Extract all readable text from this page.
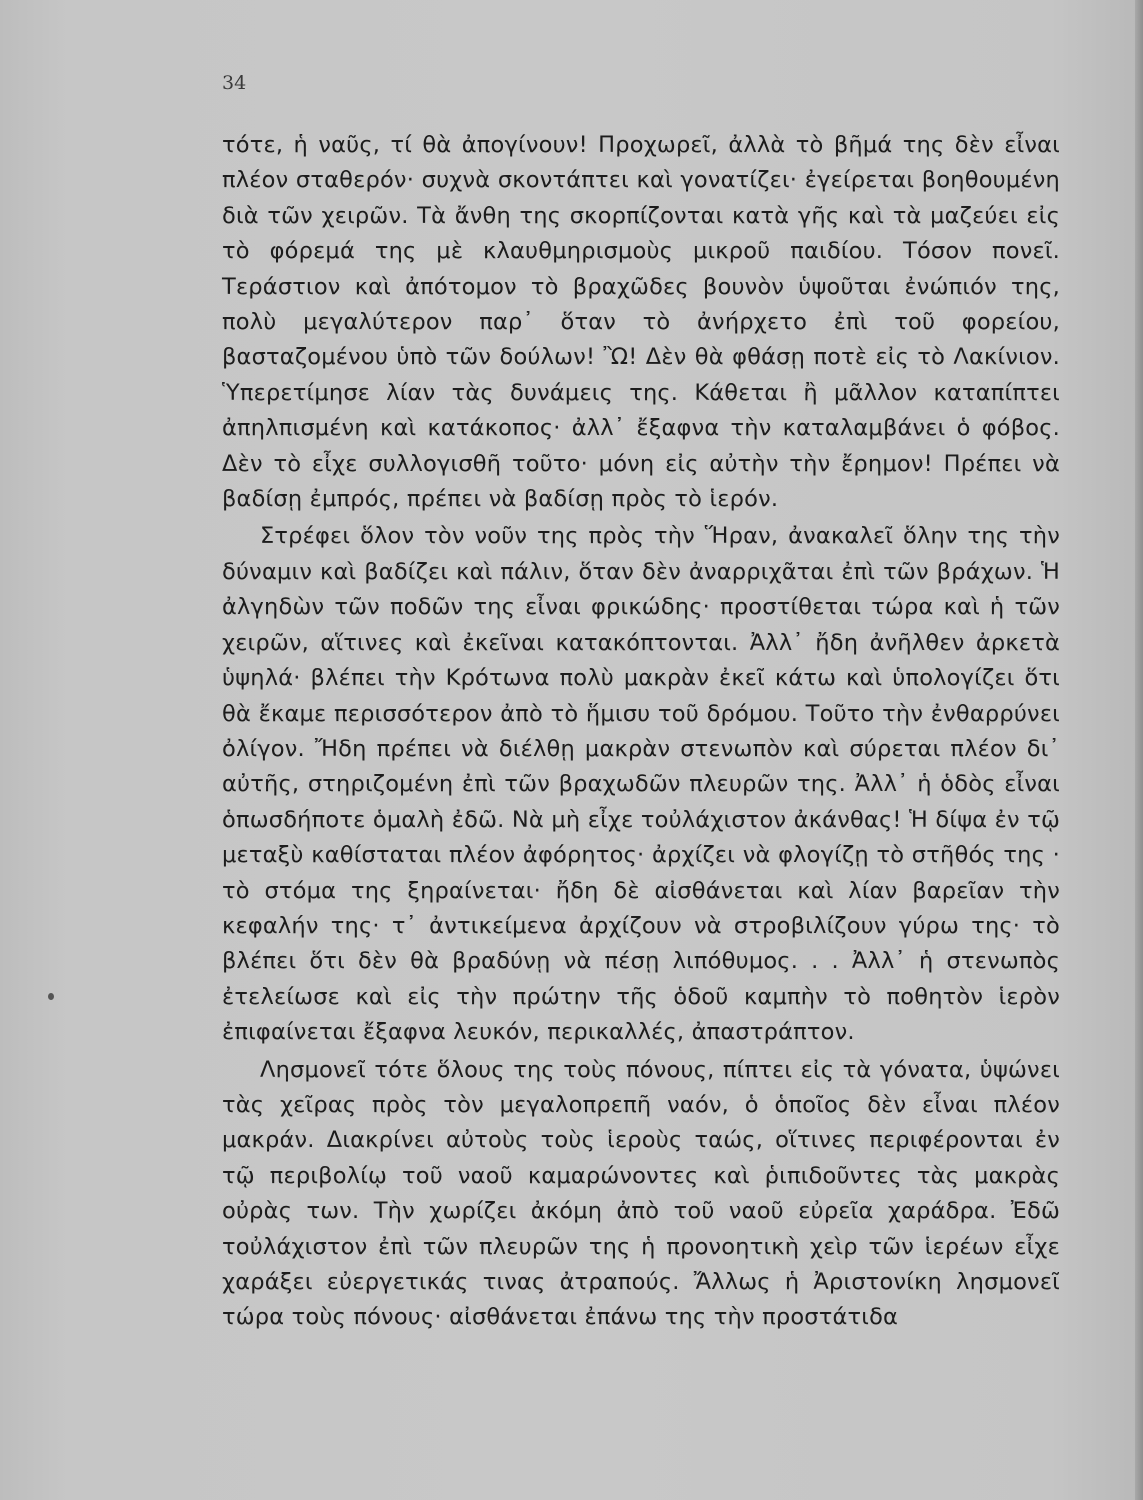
34

τότε, ἡ ναῦς, τί θὰ ἀπογίνουν! Προχωρεῖ, ἀλλὰ τὸ βῆμά της δὲν εἶναι πλέον σταθερόν· συχνὰ σκοντάπτει καὶ γονατίζει· ἐγείρεται βοηθουμένη διὰ τῶν χειρῶν. Τὰ ἄνθη της σκορπίζονται κατὰ γῆς καὶ τὰ μαζεύει εἰς τὸ φόρεμά της μὲ κλαυθμηρισμοὺς μικροῦ παιδίου. Τόσον πονεῖ. Τεράστιον καὶ ἀπότομον τὸ βραχῶδες βουνὸν ὑψοῦται ἐνώπιόν της, πολὺ μεγαλύτερον παρ᾽ ὅταν τὸ ἀνήρχετο ἐπὶ τοῦ φορείου, βασταζομένου ὑπὸ τῶν δούλων! Ὢ! Δὲν θὰ φθάσῃ ποτὲ εἰς τὸ Λακίνιον. Ὑπερετίμησε λίαν τὰς δυνάμεις της. Κάθεται ἢ μᾶλλον καταπίπτει ἀπηλπισμένη καὶ κατάκοπος· ἀλλ᾽ ἔξαφνα τὴν καταλαμβάνει ὁ φόβος. Δὲν τὸ εἶχε συλλογισθῆ τοῦτο· μόνη εἰς αὐτὴν τὴν ἔρημον! Πρέπει νὰ βαδίσῃ ἐμπρός, πρέπει νὰ βαδίσῃ πρὸς τὸ ἱερόν.

Στρέφει ὅλον τὸν νοῦν της πρὸς τὴν Ἥραν, ἀνακαλεῖ ὅλην της τὴν δύναμιν καὶ βαδίζει καὶ πάλιν, ὅταν δὲν ἀναρριχᾶται ἐπὶ τῶν βράχων. Ἡ ἀλγηδὼν τῶν ποδῶν της εἶναι φρικώδης· προστίθεται τώρα καὶ ἡ τῶν χειρῶν, αἵτινες καὶ ἐκεῖναι κατακόπτονται. Ἀλλ᾽ ἤδη ἀνῆλθεν ἀρκετὰ ὑψηλά· βλέπει τὴν Κρότωνα πολὺ μακρὰν ἐκεῖ κάτω καὶ ὑπολογίζει ὅτι θὰ ἔκαμε περισσότερον ἀπὸ τὸ ἥμισυ τοῦ δρόμου. Τοῦτο τὴν ἐνθαρρύνει ὀλίγον. Ἤδη πρέπει νὰ διέλθῃ μακρὰν στενωπὸν καὶ σύρεται πλέον δι᾽ αὐτῆς, στηριζομένη ἐπὶ τῶν βραχωδῶν πλευρῶν της. Ἀλλ᾽ ἡ ὁδὸς εἶναι ὁπωσδήποτε ὁμαλὴ ἐδῶ. Νὰ μὴ εἶχε τοὐλάχιστον ἀκάνθας! Ἡ δίψα ἐν τῷ μεταξὺ καθίσταται πλέον ἀφόρητος· ἀρχίζει νὰ φλογίζῃ τὸ στῆθός της · τὸ στόμα της ξηραίνεται· ἤδη δὲ αἰσθάνεται καὶ λίαν βαρεῖαν τὴν κεφαλήν της· τ᾽ ἀντικείμενα ἀρχίζουν νὰ στροβιλίζουν γύρω της· τὸ βλέπει ὅτι δὲν θὰ βραδύνῃ νὰ πέσῃ λιπόθυμος. . . Ἀλλ᾽ ἡ στενωπὸς ἐτελείωσε καὶ εἰς τὴν πρώτην τῆς ὁδοῦ καμπὴν τὸ ποθητὸν ἱερὸν ἐπιφαίνεται ἔξαφνα λευκόν, περικαλλές, ἀπαστράπτον.

Λησμονεῖ τότε ὅλους της τοὺς πόνους, πίπτει εἰς τὰ γόνατα, ὑψώνει τὰς χεῖρας πρὸς τὸν μεγαλοπρεπῆ ναόν, ὁ ὁποῖος δὲν εἶναι πλέον μακράν. Διακρίνει αὐτοὺς τοὺς ἱεροὺς ταώς, οἵτινες περιφέρονται ἐν τῷ περιβολίῳ τοῦ ναοῦ καμαρώνοντες καὶ ῥιπιδοῦντες τὰς μακρὰς οὐρὰς των. Τὴν χωρίζει ἀκόμη ἀπὸ τοῦ ναοῦ εὐρεῖα χαράδρα. Ἐδῶ τοὐλάχιστον ἐπὶ τῶν πλευρῶν της ἡ προνοητικὴ χεὶρ τῶν ἱερέων εἶχε χαράξει εὐεργετικάς τινας ἀτραπούς. Ἄλλως ἡ Ἀριστονίκη λησμονεῖ τώρα τοὺς πόνους· αἰσθάνεται ἐπάνω της τὴν προστάτιδα
